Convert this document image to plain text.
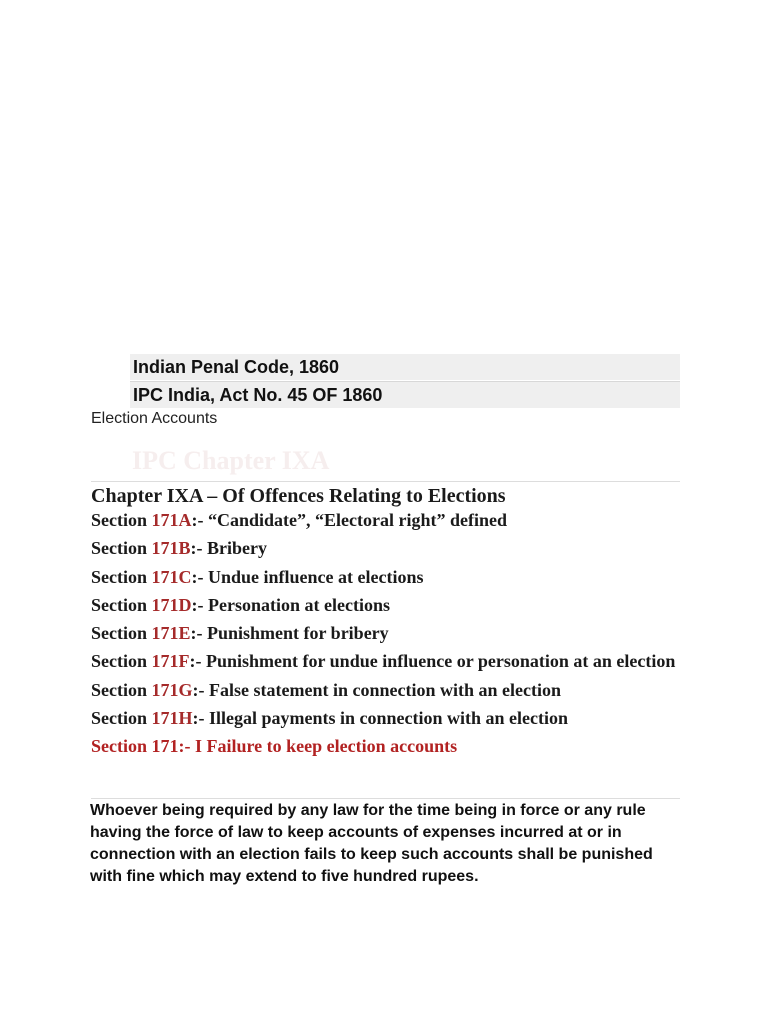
Indian Penal Code, 1860
IPC India, Act No. 45 OF 1860
Election Accounts
IPC Chapter IXA
Chapter IXA – Of Offences Relating to Elections
Section 171A:- “Candidate”, “Electoral right” defined
Section 171B:- Bribery
Section 171C:- Undue influence at elections
Section 171D:- Personation at elections
Section 171E:- Punishment for bribery
Section 171F:- Punishment for undue influence or personation at an election
Section 171G:- False statement in connection with an election
Section 171H:- Illegal payments in connection with an election
Section 171:- I Failure to keep election accounts
Whoever being required by any law for the time being in force or any rule having the force of law to keep accounts of expenses incurred at or in connection with an election fails to keep such accounts shall be punished with fine which may extend to five hundred rupees.
